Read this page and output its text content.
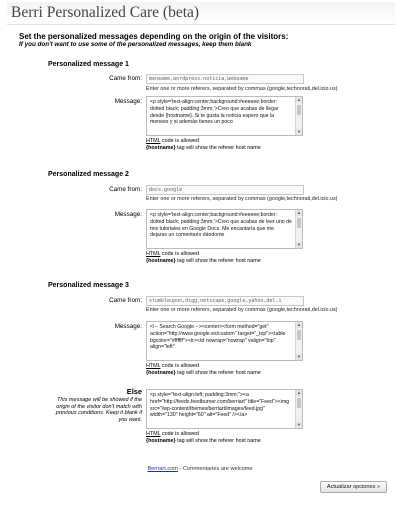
Berri Personalized Care (beta)
Set the personalized messages depending on the origin of the visitors:
If you don't want to use some of the personalized messages, keep them blank
Personalized message 1
Came from:	meneame,wordpress.noticia,webeame
Enter one or more referers, separated by commas (google,technorati,del.icio.us)
Message: <p style='text-align:center;background:#eeeeee;border: dotted black; padding:3mm;'>Creo que acabas de llegar desde {hostname}. Si te gusta la noticia espero que la menees y si además tienes un poco
▲
▼
HTML code is allowed
{hostname} tag will show the referer host name
Personalized message 2
Came from:	docs.google
Enter one or more referers, separated by commas (google,technorati,del.icio.us)
Message: <p style='text-align:center;background:#eeeeee;border: dotted black; padding:3mm;'>Creo que acabas de leer uno de mis tutoriales en Google Docs. Me encantaría que me dejaras un comentario dándome
▲
▼
HTML code is allowed
{hostname} tag will show the referer host name
Personalized message 3
Came from:	stumbleupon,digg,netscape,google,yahoo,del.i
Enter one or more referers, separated by commas (google,technorati,del.icio.us)
Message: <!-- Search Google --><center><form method="get" action="http://www.google.es/custom" target="_top"><table bgcolor="#ffffff"><tr><td nowrap="nowrap" valign="top" align="left"
▲
▼
HTML code is allowed
{hostname} tag will show the referer host name
Else
This message will be showed if the origin of the visitor don't match with previous conditions. Keep it blank if you want.
<p style="text-align:left; padding:3mm;"><a href="http://feeds.feedburner.com/berriart" title="Feed"><img src="/wp-content/themes/berriart/images/feed.jpg" width="130" height="60" alt="Feed" /></a>
▲
▼
HTML code is allowed
{hostname} tag will show the referer host name
Berriart.com - Commentaries are welcome
Actualizar opciones »
